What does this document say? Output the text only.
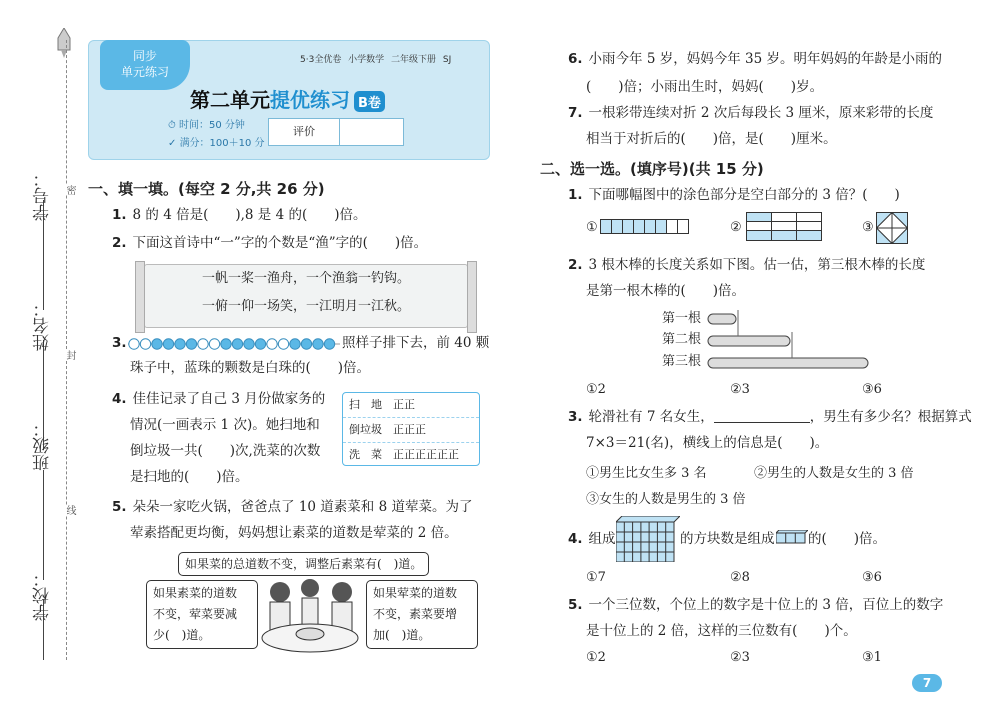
学号：
姓名：
班级：
学校：
密
封
线
同步
单元练习
5·3全优卷 小学数学 二年级下册 SJ
第二单元提优练习 B卷
⏱ 时间：50 分钟
✓ 满分：100＋10 分
评价
一、填一填。(每空 2 分,共 26 分)
1. 8 的 4 倍是(　　),8 是 4 的(　　)倍。
2. 下面这首诗中“一”字的个数是“渔”字的(　　)倍。
一帆一桨一渔舟，一个渔翁一钓钩。
一俯一仰一场笑，一江明月一江秋。
3.	照样子排下去，前 40 颗
珠子中，蓝珠的颗数是白珠的(　　)倍。
4. 佳佳记录了自己 3 月份做家务的
情况(一画表示 1 次)。她扫地和
倒垃圾一共(　　)次,洗菜的次数
是扫地的(　　)倍。
扫　地　正正
倒垃圾　正正正
洗　菜　正正正正正正
5. 朵朵一家吃火锅，爸爸点了 10 道素菜和 8 道荤菜。为了
荤素搭配更均衡，妈妈想让素菜的道数是荤菜的 2 倍。
如果菜的总道数不变，调整后素菜有(　)道。
如果素菜的道数
不变，荤菜要减
少(　)道。
如果荤菜的道数
不变，素菜要增
加(　)道。
6. 小雨今年 5 岁，妈妈今年 35 岁。明年妈妈的年龄是小雨的
(　　)倍；小雨出生时，妈妈(　　)岁。
7. 一根彩带连续对折 2 次后每段长 3 厘米，原来彩带的长度
相当于对折后的(　　)倍，是(　　)厘米。
二、选一选。(填序号)(共 15 分)
1. 下面哪幅图中的涂色部分是空白部分的 3 倍？(　　)
①	②	③
2. 3 根木棒的长度关系如下图。估一估，第三根木棒的长度
是第一根木棒的(　　)倍。
第一根
第二根
第三根
①2	②3	③6
3. 轮滑社有 7 名女生，	，男生有多少名？根据算式
7×3＝21(名)，横线上的信息是(　　)。
①男生比女生多 3 名	②男生的人数是女生的 3 倍
③女生的人数是男生的 3 倍
4. 组成	的方块数是组成 的(　　)倍。
①7	②8	③6
5. 一个三位数，个位上的数字是十位上的 3 倍，百位上的数字
是十位上的 2 倍，这样的三位数有(　　)个。
①2	②3	③1
7
